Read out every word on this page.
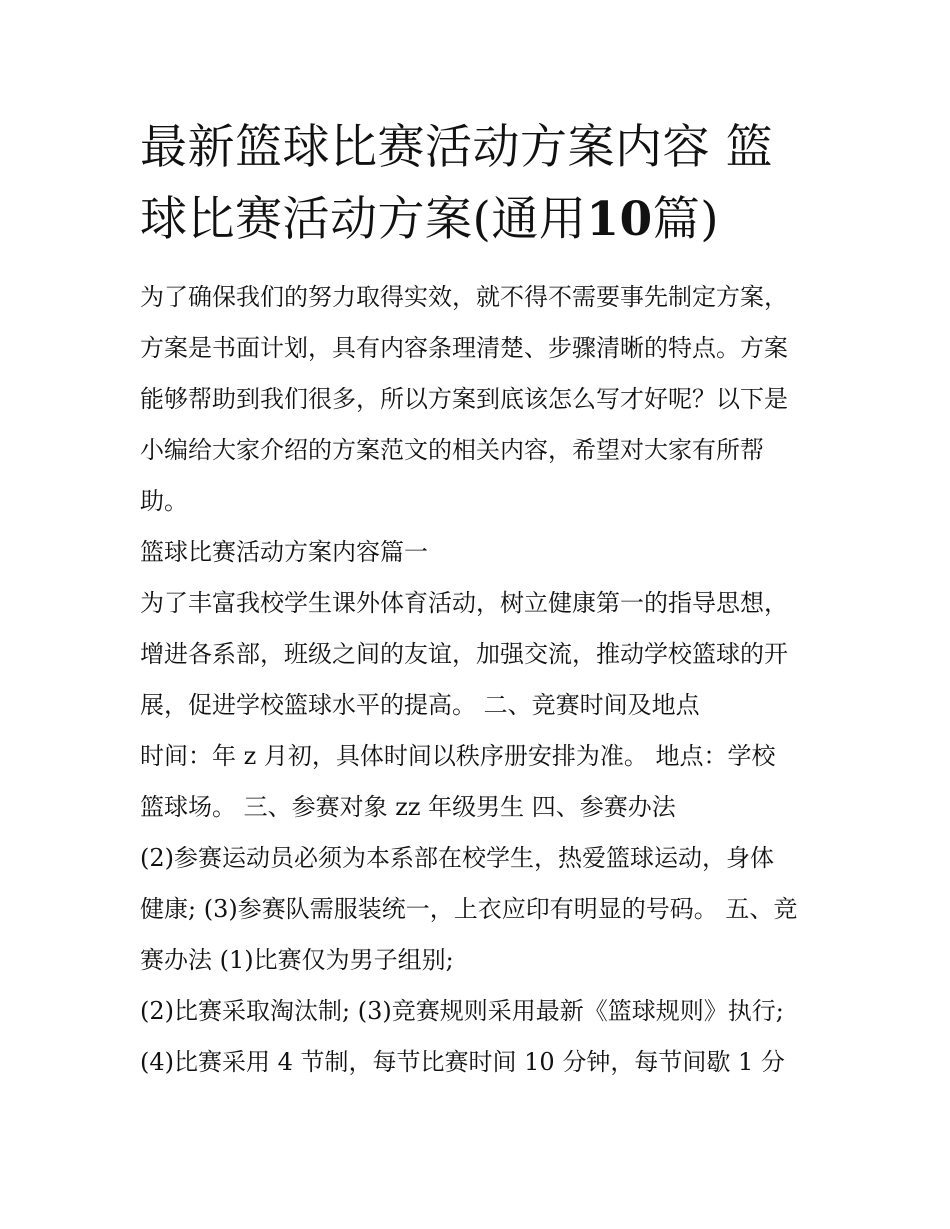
最新篮球比赛活动方案内容 篮
球比赛活动方案(通用10篇)

为了确保我们的努力取得实效，就不得不需要事先制定方案，
方案是书面计划，具有内容条理清楚、步骤清晰的特点。方案
能够帮助到我们很多，所以方案到底该怎么写才好呢？以下是
小编给大家介绍的方案范文的相关内容，希望对大家有所帮
助。

篮球比赛活动方案内容篇一

为了丰富我校学生课外体育活动，树立健康第一的指导思想，
增进各系部，班级之间的友谊，加强交流，推动学校篮球的开
展，促进学校篮球水平的提高。 二、竞赛时间及地点
时间：年 z 月初，具体时间以秩序册安排为准。 地点：学校
篮球场。 三、参赛对象 zz 年级男生 四、参赛办法
(2)参赛运动员必须为本系部在校学生，热爱篮球运动，身体
健康; (3)参赛队需服装统一，上衣应印有明显的号码。 五、竞
赛办法 (1)比赛仅为男子组别;
(2)比赛采取淘汰制; (3)竞赛规则采用最新《篮球规则》执行;
(4)比赛采用 4 节制，每节比赛时间 10 分钟，每节间歇 1 分
